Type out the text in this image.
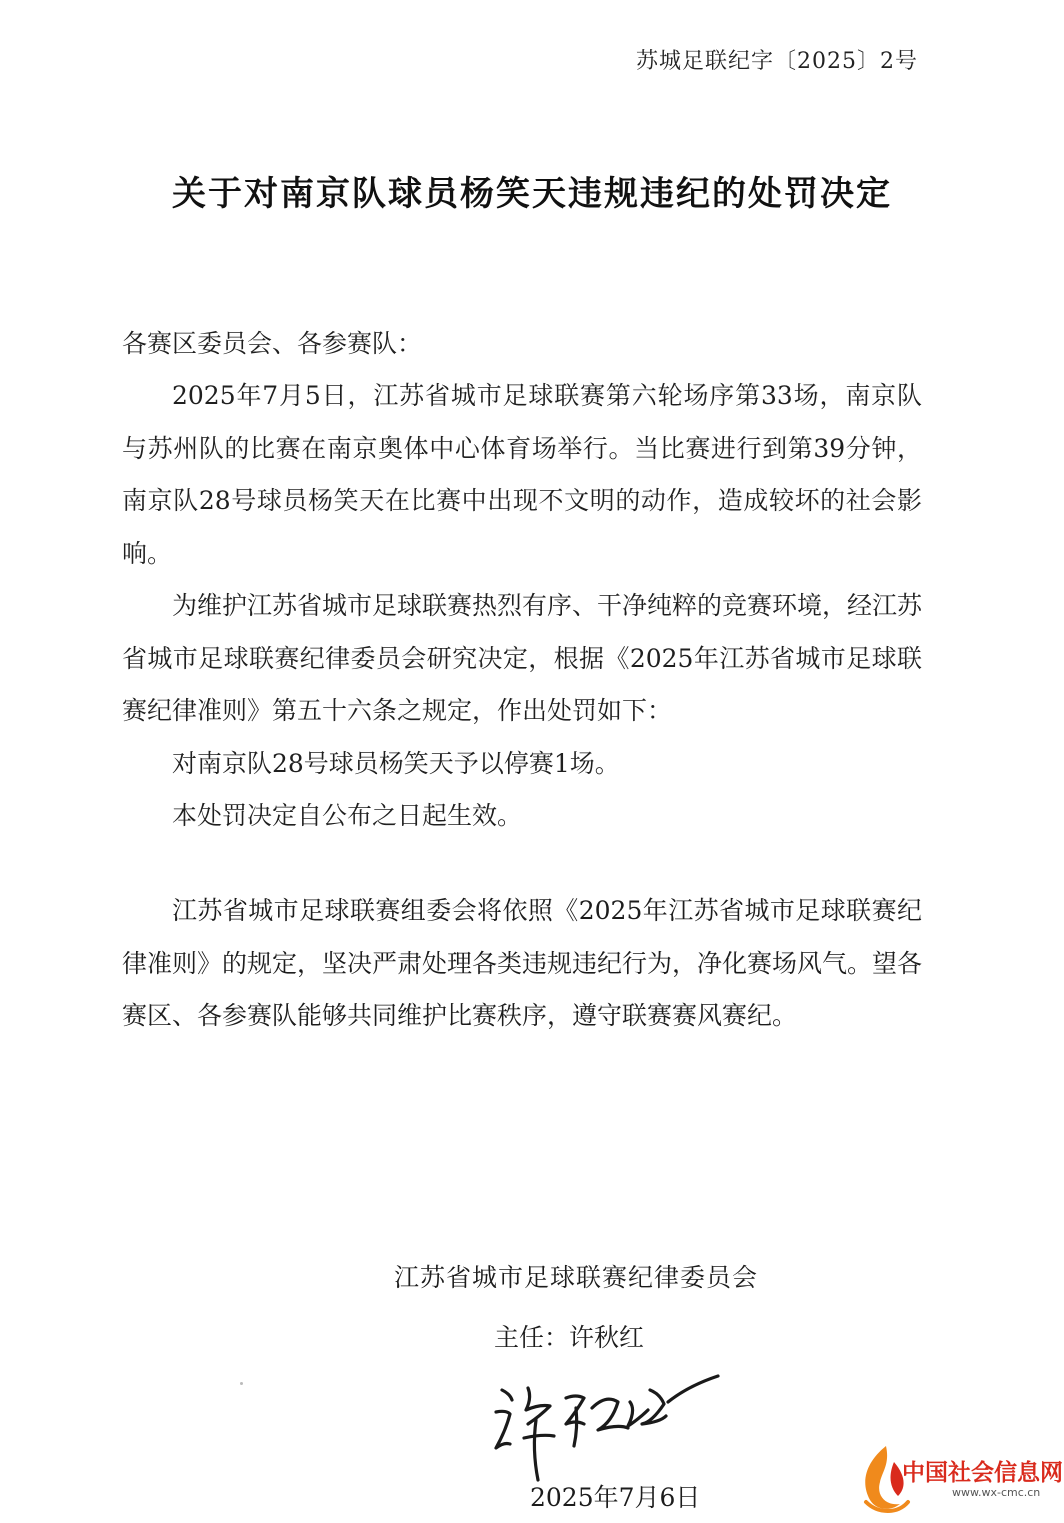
苏城足联纪字〔2025〕2号
关于对南京队球员杨笑天违规违纪的处罚决定
各赛区委员会、各参赛队：

2025年7月5日，江苏省城市足球联赛第六轮场序第33场，南京队与苏州队的比赛在南京奥体中心体育场举行。当比赛进行到第39分钟，南京队28号球员杨笑天在比赛中出现不文明的动作，造成较坏的社会影响。

为维护江苏省城市足球联赛热烈有序、干净纯粹的竞赛环境，经江苏省城市足球联赛纪律委员会研究决定，根据《2025年江苏省城市足球联赛纪律准则》第五十六条之规定，作出处罚如下：

对南京队28号球员杨笑天予以停赛1场。

本处罚决定自公布之日起生效。

江苏省城市足球联赛组委会将依照《2025年江苏省城市足球联赛纪律准则》的规定，坚决严肃处理各类违规违纪行为，净化赛场风气。望各赛区、各参赛队能够共同维护比赛秩序，遵守联赛赛风赛纪。

江苏省城市足球联赛纪律委员会
主任：许秋红
2025年7月6日
中国社会信息网
www.wx-cmc.cn
